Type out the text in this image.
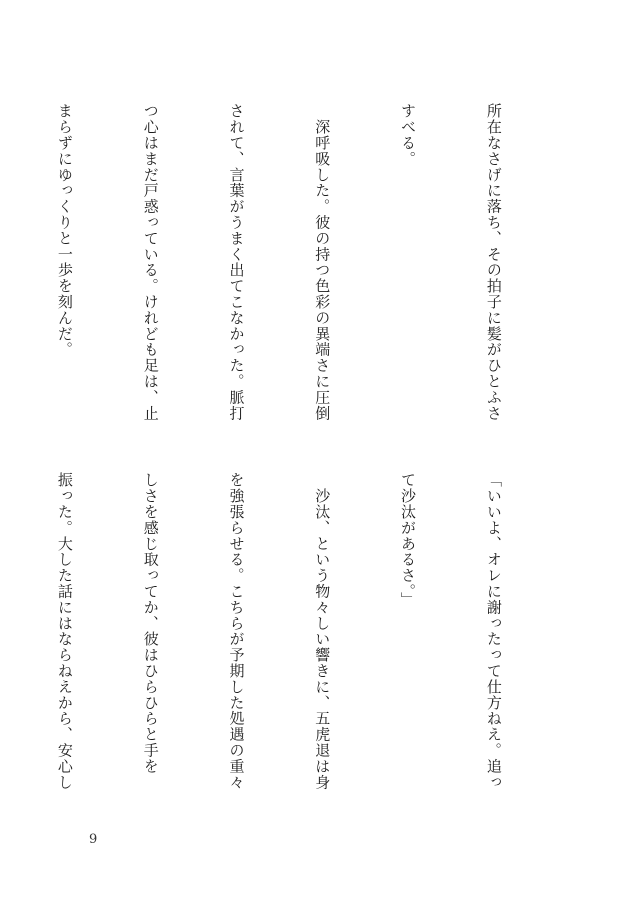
所在なさげに落ち、その拍子に髪がひとふさ

すべる。

　深呼吸した。彼の持つ色彩の異端さに圧倒

されて、言葉がうまく出てこなかった。脈打

つ心はまだ戸惑っている。けれども足は、止

まらずにゆっくりと一歩を刻んだ。

「いいよ、オレに謝ったって仕方ねえ。追っ

て沙汰があるさ。」

　沙汰、という物々しい響きに、五虎退は身

を強張らせる。こちらが予期した処遇の重々

しさを感じ取ってか、彼はひらひらと手を

振った。大した話にはならねえから、安心し

9
